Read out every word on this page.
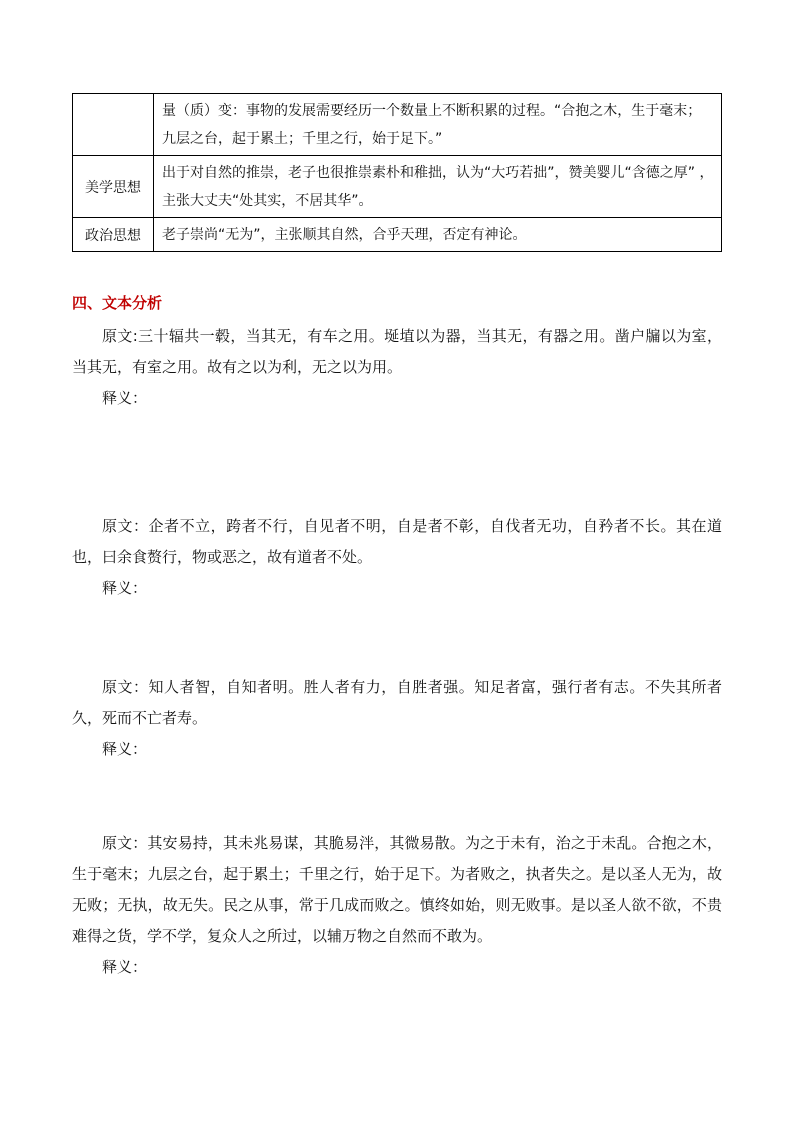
	量（质）变：事物的发展需要经历一个数量上不断积累的过程。“合抱之木，生于毫末；九层之台，起于累土；千里之行，始于足下。”
美学思想	出于对自然的推崇，老子也很推崇素朴和稚拙，认为“大巧若拙”，赞美婴儿“含德之厚” ，主张大丈夫“处其实，不居其华”。
政治思想	老子崇尚“无为”，主张顺其自然，合乎天理，否定有神论。
四、文本分析

原文:三十辐共一毂，当其无，有车之用。埏埴以为器，当其无，有器之用。凿户牖以为室，当其无，有室之用。故有之以为利，无之以为用。

释义：

原文：企者不立，跨者不行，自见者不明，自是者不彰，自伐者无功，自矜者不长。其在道也，曰余食赘行，物或恶之，故有道者不处。

释义：

原文：知人者智，自知者明。胜人者有力，自胜者强。知足者富，强行者有志。不失其所者久，死而不亡者寿。

释义：

原文：其安易持，其未兆易谋，其脆易泮，其微易散。为之于未有，治之于未乱。合抱之木，生于毫末；九层之台，起于累土；千里之行，始于足下。为者败之，执者失之。是以圣人无为，故无败；无执，故无失。民之从事，常于几成而败之。慎终如始，则无败事。是以圣人欲不欲，不贵难得之货，学不学，复众人之所过，以辅万物之自然而不敢为。

释义：
